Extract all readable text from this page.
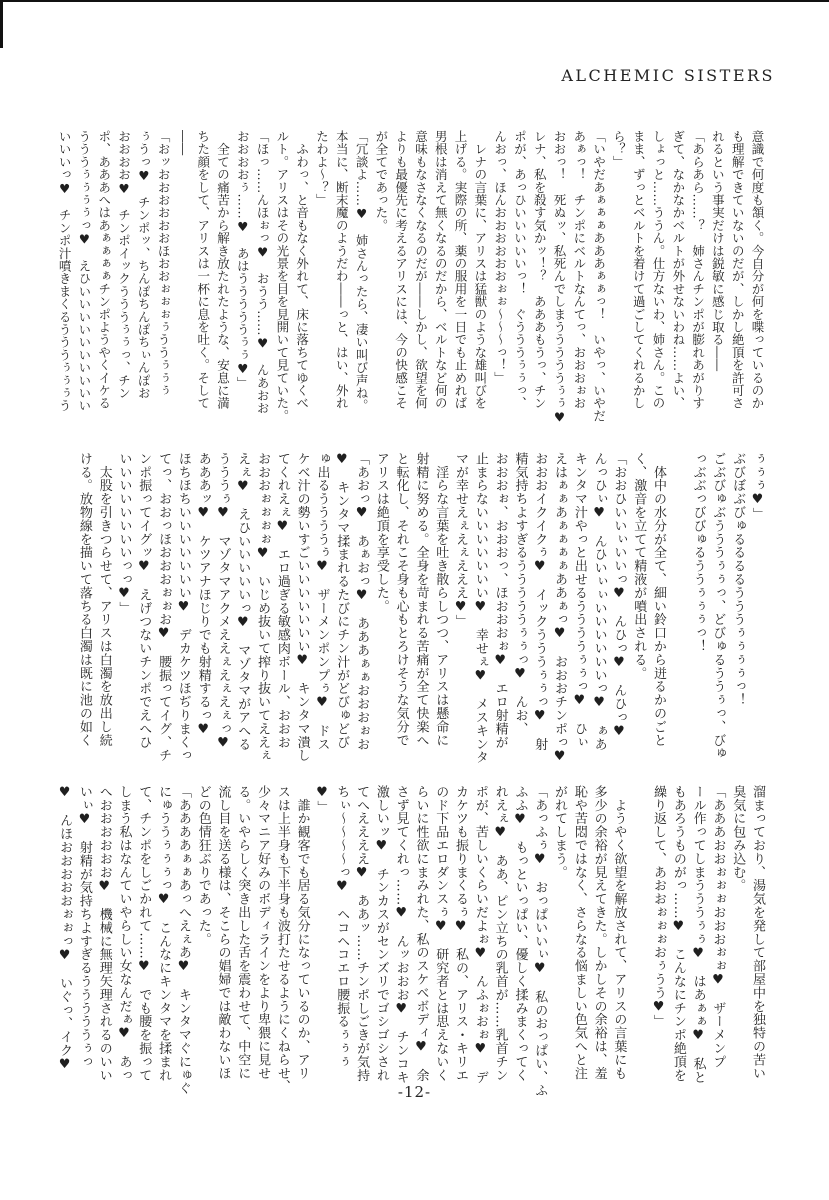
ALCHEMIC SISTERS

意識で何度も頷く。今自分が何を喋っているのか

も理解できていないのだが、しかし絶頂を許可さ

れるという事実だけは鋭敏に感じ取る――

「あらあら……？　姉さんチンポが膨れあがりす

ぎて、なかなかベルトが外せないわね……よい、

しょっと……ううん。仕方ないわ、姉さん。この

まま、ずっとベルトを着けて過ごしてくれるかし

ら？」

「いやだあぁぁぁあああぁぁっ！　いやっ、いやだ

あぁっ！　チンポにベルトなんてっ、おおおぉお

おおっ！　死ぬッ、私死んでしまうううううぅぅ♥

レナ、私を殺す気かッ！？　あああもうっ、チン

ポが、あっひいいいいいっ！　ぐうううぅぅっ、

んおっ、ほんおおおおおおぉぉ～～～っ！」

　レナの言葉に、アリスは猛獣のような雄叫びを

上げる。実際の所、薬の服用を一日でも止めれば

男根は消えて無くなるのだから、ベルトなど何の

意味もなさなくなるのだが――しかし、欲望を何

よりも最優先に考えるアリスには、今の快感こそ

が全てであった。

「冗談よ……♥　姉さんったら、凄い叫び声ね。

本当に、断末魔のようだわ――っと、はい、外れ

たわよ～？」

　ふわっ、と音もなく外れて、床に落ちてゆくべ

ルト。アリスはその光景を目を見開いて見ていた。

「ほっ……んほぉっ♥　おうう……♥　んあおお

おおおおぅ……♥　あはうううううぅぅ♥」

　全ての痛苦から解き放たれたような、安息に満

ちた顔をして、アリスは一杯に息を吐く。そして

――

「おッおおおおおおほおおぉぉぉぅううぅぅぅ

ぅうっ♥　チンポッ、ちんぽちんぽちぃんぽお

おおおお♥　チンポイックうううぅぅっ、チン

ポ、あああへはあぁぁぁぁチンポようやくイケる

うううぅぅぅぅっ♥　えひいいいいいいいいいい

いいいっ♥　チンポ汁噴きまくるうううぅぅぅう

ぅぅぅ♥」

ぶびぼぶびゅるるるるうううぅぅぅぅっ！

ごぶびゅぶうううぅぅっ、どびゅるううぅっ、びゅ

っぶぶっびびゅるううぅぅぅっ！

　体中の水分が全て、細い鈴口から迸るかのごと

く、激音を立てて精液が噴出される。

「おおひいいぃいいっ♥　んひっ♥　んひっ♥

んっひぃ♥　んひいぃぃいいいいいいっ♥　ぁあ

キンタマ汁やっと出せるううううぅぅっ♥　ひぃ

えはぁぁあぁぁぁぁああぁっ♥　おおおチンポっ♥

おおおイクイクぅ♥　イックうううぅぅっ♥　射

精気持ちよすぎるうううううぅぅっ♥　んお、

おおおぉ、おおおっ、ほおおおぉ♥　エロ射精が

止まらないいいいいいい♥　幸せぇ♥　メスキンタ

マが幸せえぇえぇえええ♥」

　淫らな言葉を吐き散らしつつ、アリスは懸命に

射精に努める。全身を苛まれる苦痛が全て快楽へ

と転化し、それこそ身も心もとろけそうな気分で

アリスは絶頂を享受した。

「あおっ♥　あぁおっ♥　あああぁぁおおおぉお

♥　キンタマ揉まれるたびにチン汁がどびゅどび

ゅ出るううううぅ♥　ザーメンポンプぅ♥　ドス

ケベ汁の勢いすごいいいいいいい♥　キンタマ潰し

てくれえぇ♥　エロ過ぎる敏感肉ボール、おおお

おおおぉぉぉぉ♥　いじめ抜いて搾り抜いてええぇ

えぇ♥　えひいいいいいっ♥　マゾタマがアへる

うううぅ♥　マゾタマアクメええぇえぇえぇっ♥

あああッ♥　ケツアナほじりでも射精するっ♥

ほちほちいいいいいいい♥　デカケツほぢりまくっ

てっ、おおっほおおおぉぉお♥　腰振ってイグ、チ

ンポ振ってイグッ♥　えげつないチンポでえへひ

いいいいいいいいっっ♥」

　太股を引きつらせて、アリスは白濁を放出し続

ける。放物線を描いて落ちる白濁は既に池の如く

溜まっており、湯気を発して部屋中を独特の苦い

臭気に包み込む。

「あああおおぉぉぉおおおぉぉ♥　ザーメンプ

ール作ってしまうううぅぅ♥　はあぁぁ♥　私と

もあろうものがっ……♥　こんなにチンポ絶頂を

繰り返して、あおおぉぉぉおぅうう♥」

　ようやく欲望を解放されて、アリスの言葉にも

多少の余裕が見えてきた。しかしその余裕は、羞

恥や苦悶ではなく、さらなる悩ましい色気へと注

がれてしまう。

「あっふぅ♥　おっぱいいぃ♥　私のおっぱい、ふ

ふふ♥　もっといっぱい、優しく揉みまくってく

れえぇ♥　ああ、ピン立ちの乳首が……乳首チン

ポが、苦しいくらいだよぉ♥　んふぉおぉ♥　デ

カケツも振りまくるぅ♥　私の、アリス・キリエ

のド下品エロダンスぅ♥　研究者とは思えないく

らいに性欲にまみれた、私のスケベボディ♥　余

さず見てくれっ……♥　んッおおお♥　チンコキ

激しいッ♥　チンカスがセンズリでゴシゴシされ

てへええええ♥　ああッ……チンポしごきが気持

ちぃ～～～～っ♥　ヘコヘコエロ腰振るぅぅぅ

♥」

　誰か観客でも居る気分になっているのか、アリ

スは上半身も下半身も波打たせるようにくねらせ、

少々マニア好みのボディラインをより卑猥に見せ

る。いやらしく突き出した舌を震わせて、中空に

流し目を送る様は、そこらの娼婦では敵わないほ

どの色情狂ぶりであった。

「ああああぁぁあっへえぇあ♥　キンタマぐにゅぐ

にゅううぅぅぅっ♥　こんなにキンタマを揉まれ

て、チンポをしごかれて……♥　でも腰を振って

しまう私はなんていやらしい女なんだぁ♥　あっ

へおおおおおお♥　機械に無理矢理されるのいい

いぃ♥　射精が気持ちよすぎるうううううぅっ

♥　んほおおおおおぉぉっ♥　いぐっ、イク♥

-12-
